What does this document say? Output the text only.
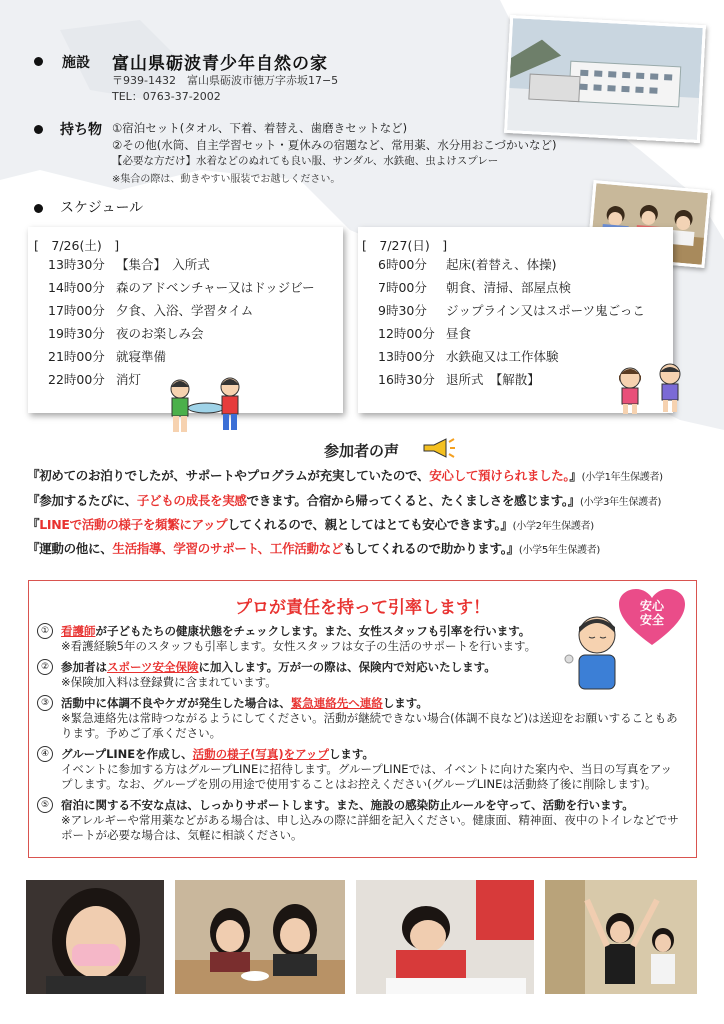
施設 富山県砺波青少年自然の家
〒939-1432　富山県砺波市徳万字赤坂17−5
TEL：0763-37-2002
持ち物 ①宿泊セット(タオル、下着、着替え、歯磨きセットなど)
②その他(水筒、自主学習セット・夏休みの宿題など、常用薬、水分用おこづかいなど)
【必要な方だけ】水着などのぬれても良い服、サンダル、水鉄砲、虫よけスプレー
※集合の際は、動きやすい服装でお越しください。
スケジュール
[　7/26(土)　]	[　7/27(日)　]
13時30分 【集合】　入所式
14時00分 森のアドベンチャー又はドッジビー
17時00分 夕食、入浴、学習タイム
19時30分 夜のお楽しみ会
21時00分 就寝準備
22時00分 消灯
6時00分 起床(着替え、体操)
7時00分 朝食、清掃、部屋点検
9時30分 ジップライン又はスポーツ鬼ごっこ
12時00分 昼食
13時00分 水鉄砲又は工作体験
16時30分 退所式　【解散】
参加者の声
『初めてのお泊りでしたが、サポートやプログラムが充実していたので、安心して預けられました。』(小学1年生保護者)
『参加するたびに、子どもの成長を実感できます。合宿から帰ってくると、たくましさを感じます。』(小学3年生保護者)
『LINEで活動の様子を頻繁にアップしてくれるので、親としてはとても安心できます。』(小学2年生保護者)
『運動の他に、生活指導、学習のサポート、工作活動などもしてくれるので助かります。』(小学5年生保護者)
プロが責任を持って引率します！	安心安全
①	看護師が子どもたちの健康状態をチェックします。また、女性スタッフも引率を行います。
※看護経験5年のスタッフも引率します。女性スタッフは女子の生活のサポートを行います。
②	参加者はスポーツ安全保険に加入します。万が一の際は、保険内で対応いたします。
※保険加入料は登録費に含まれています。
③	活動中に体調不良やケガが発生した場合は、緊急連絡先へ連絡します。
※緊急連絡先は常時つながるようにしてください。活動が継続できない場合(体調不良など)は送迎をお願いすることもあります。予めご了承ください。
④	グループLINEを作成し、活動の様子(写真)をアップします。
イベントに参加する方はグループLINEに招待します。グループLINEでは、イベントに向けた案内や、当日の写真をアップします。なお、グループを別の用途で使用することはお控えください(グループLINEは活動終了後に削除します)。
⑤	宿泊に関する不安な点は、しっかりサポートします。また、施設の感染防止ルールを守って、活動を行います。
※アレルギーや常用薬などがある場合は、申し込みの際に詳細を記入ください。健康面、精神面、夜中のトイレなどでサポートが必要な場合は、気軽に相談ください。
